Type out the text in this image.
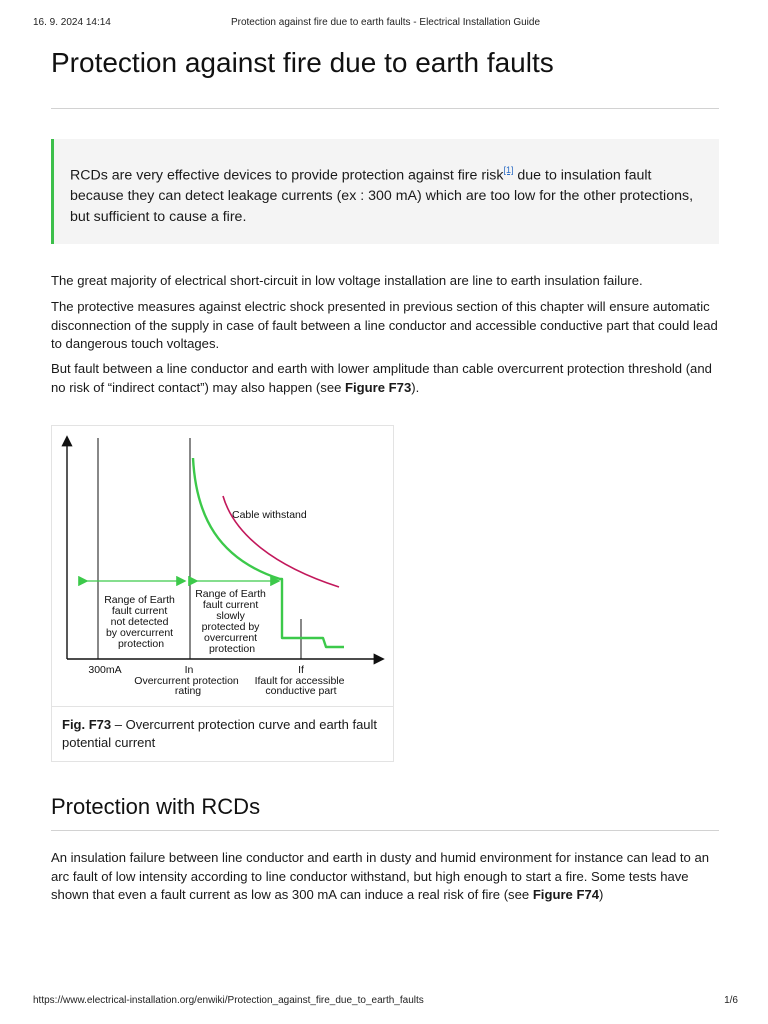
16. 9. 2024 14:14	Protection against fire due to earth faults - Electrical Installation Guide
Protection against fire due to earth faults

RCDs are very effective devices to provide protection against fire risk[1] due to insulation fault because they can detect leakage currents (ex : 300 mA) which are too low for the other protections, but sufficient to cause a fire.

The great majority of electrical short-circuit in low voltage installation are line to earth insulation failure.

The protective measures against electric shock presented in previous section of this chapter will ensure automatic disconnection of the supply in case of fault between a line conductor and accessible conductive part that could lead to dangerous touch voltages.

But fault between a line conductor and earth with lower amplitude than cable overcurrent protection threshold (and no risk of “indirect contact”) may also happen (see Figure F73).

Cable withstand
Range of Earth fault current not detected by overcurrent protection
Range of Earth fault current slowly protected by overcurrent protection
300mA	In
Overcurrent protection rating
If
Ifault for accessible conductive part
Fig. F73 – Overcurrent protection curve and earth fault potential current
Protection with RCDs

An insulation failure between line conductor and earth in dusty and humid environment for instance can lead to an arc fault of low intensity according to line conductor withstand, but high enough to start a fire. Some tests have shown that even a fault current as low as 300 mA can induce a real risk of fire (see Figure F74)

https://www.electrical-installation.org/enwiki/Protection_against_fire_due_to_earth_faults	1/6
